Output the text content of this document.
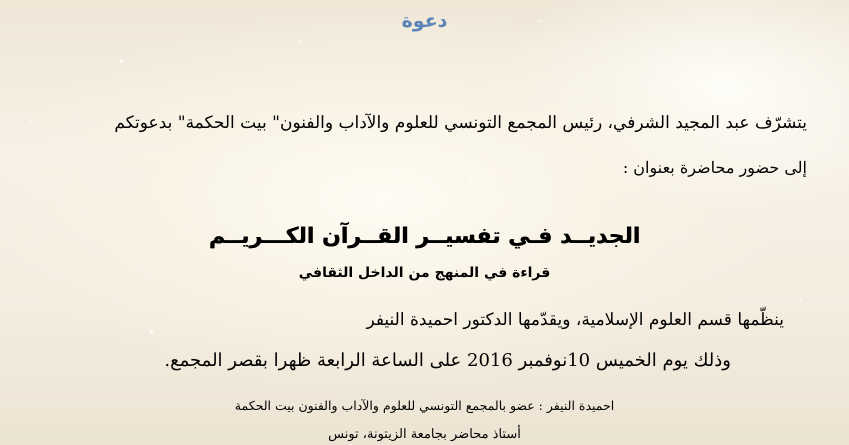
دعوة
يتشرّف عبد المجيد الشرفي، رئيس المجمع التونسي للعلوم والآداب والفنون" بيت الحكمة" بدعوتكم
إلى حضور محاضرة بعنوان :
الجديــد فـي تفسيــر القــرآن الكـــريــم
قراءة في المنهج من الداخل الثقافي
ينظّمها قسم العلوم الإسلامية، ويقدّمها الدكتور احميدة النيفر
وذلك يوم الخميس 10نوفمبر 2016 على الساعة الرابعة ظهرا بقصر المجمع.
احميدة النيفر : عضو بالمجمع التونسي للعلوم والآداب والفنون بيت الحكمة
أستاذ محاضر بجامعة الزيتونة، تونس
